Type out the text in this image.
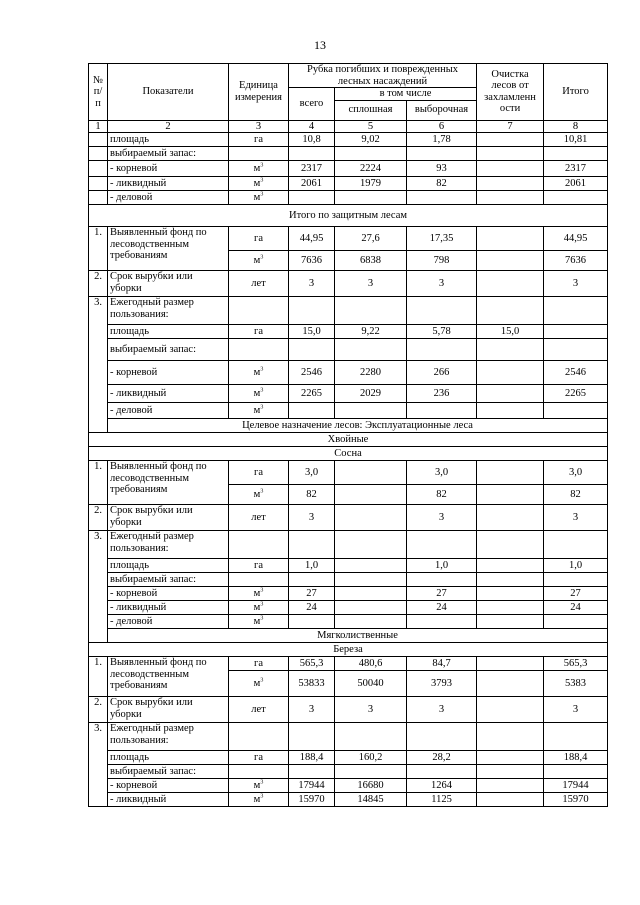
13
№ п/ п	Показатели	Единица измерения	Рубка погибших и поврежденных лесных насаждений			Очистка лесов от захламленн ости	Итого
			всего	в том числе			
				сплошная	выборочная		
1	2	3	4	5	6	7	8
	площадь	га	10,8	9,02	1,78		10,81
	выбираемый запас:						
	- корневой	$м^3$	2317	2224	93		2317
	- ликвидный	$м^3$	2061	1979	82		2061
	- деловой	$м^3$					
Итого по защитным лесам							
1.	Выявленный фонд по лесоводственным требованиям	га	44,95	27,6	17,35		44,95
		$м^3$	7636	6838	798		7636
2.	Срок вырубки или уборки	лет	3	3	3		3
3.	Ежегодный размер пользования:						
	площадь	га	15,0	9,22	5,78	15,0	
	выбираемый запас:						
	- корневой	$м^3$	2546	2280	266		2546
	- ликвидный	$м^3$	2265	2029	236		2265
	- деловой	$м^3$					
	Целевое назначение лесов: Эксплуатационные леса						
Хвойные							
Сосна							
1.	Выявленный фонд по лесоводственным требованиям	га	3,0		3,0		3,0
		$м^3$	82		82		82
2.	Срок вырубки или уборки	лет	3		3		3
3.	Ежегодный размер пользования:						
	площадь	га	1,0		1,0		1,0
	выбираемый запас:						
	- корневой	$м^3$	27		27		27
	- ликвидный	$м^3$	24		24		24
	- деловой	$м^3$					
	Мягколиственные						
Береза							
1.	Выявленный фонд по лесоводственным требованиям	га	565,3	480,6	84,7		565,3
		$м^3$	53833	50040	3793		5383
2.	Срок вырубки или уборки	лет	3	3	3		3
3.	Ежегодный размер пользования:						
	площадь	га	188,4	160,2	28,2		188,4
	выбираемый запас:						
	- корневой	$м^3$	17944	16680	1264		17944
	- ликвидный	$м^3$	15970	14845	1125		15970
